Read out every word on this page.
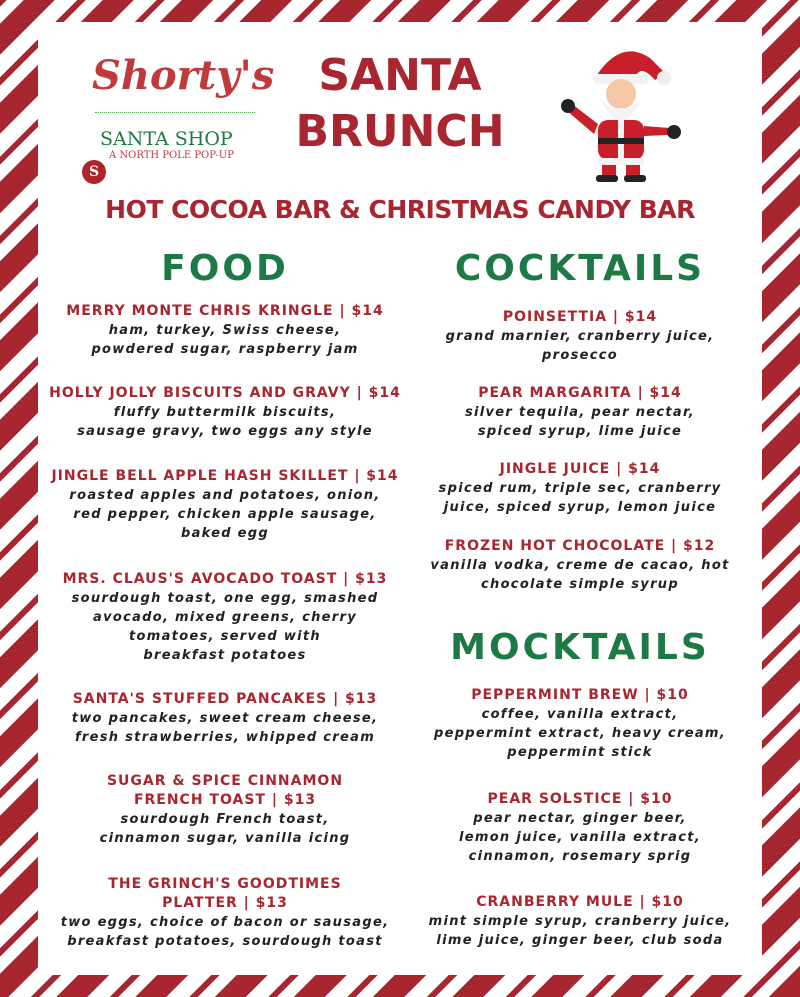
Shorty's
SANTA SHOP
A NORTH POLE POP-UP
S
SANTA
BRUNCH
HOT COCOA BAR & CHRISTMAS CANDY BAR
FOOD	COCKTAILS
MOCKTAILS
MERRY MONTE CHRIS KRINGLE | $14
ham, turkey, Swiss cheese,
powdered sugar, raspberry jam
HOLLY JOLLY BISCUITS AND GRAVY | $14
fluffy buttermilk biscuits,
sausage gravy, two eggs any style
JINGLE BELL APPLE HASH SKILLET | $14
roasted apples and potatoes, onion,
red pepper, chicken apple sausage,
baked egg
MRS. CLAUS'S AVOCADO TOAST | $13
sourdough toast, one egg, smashed
avocado, mixed greens, cherry
tomatoes, served with
breakfast potatoes
SANTA'S STUFFED PANCAKES | $13
two pancakes, sweet cream cheese,
fresh strawberries, whipped cream
SUGAR & SPICE CINNAMON
FRENCH TOAST | $13
sourdough French toast,
cinnamon sugar, vanilla icing
THE GRINCH'S GOODTIMES
PLATTER | $13
two eggs, choice of bacon or sausage,
breakfast potatoes, sourdough toast
POINSETTIA | $14
grand marnier, cranberry juice,
prosecco
PEAR MARGARITA | $14
silver tequila, pear nectar,
spiced syrup, lime juice
JINGLE JUICE | $14
spiced rum, triple sec, cranberry
juice, spiced syrup, lemon juice
FROZEN HOT CHOCOLATE | $12
vanilla vodka, creme de cacao, hot
chocolate simple syrup
PEPPERMINT BREW | $10
coffee, vanilla extract,
peppermint extract, heavy cream,
peppermint stick
PEAR SOLSTICE | $10
pear nectar, ginger beer,
lemon juice, vanilla extract,
cinnamon, rosemary sprig
CRANBERRY MULE | $10
mint simple syrup, cranberry juice,
lime juice, ginger beer, club soda
